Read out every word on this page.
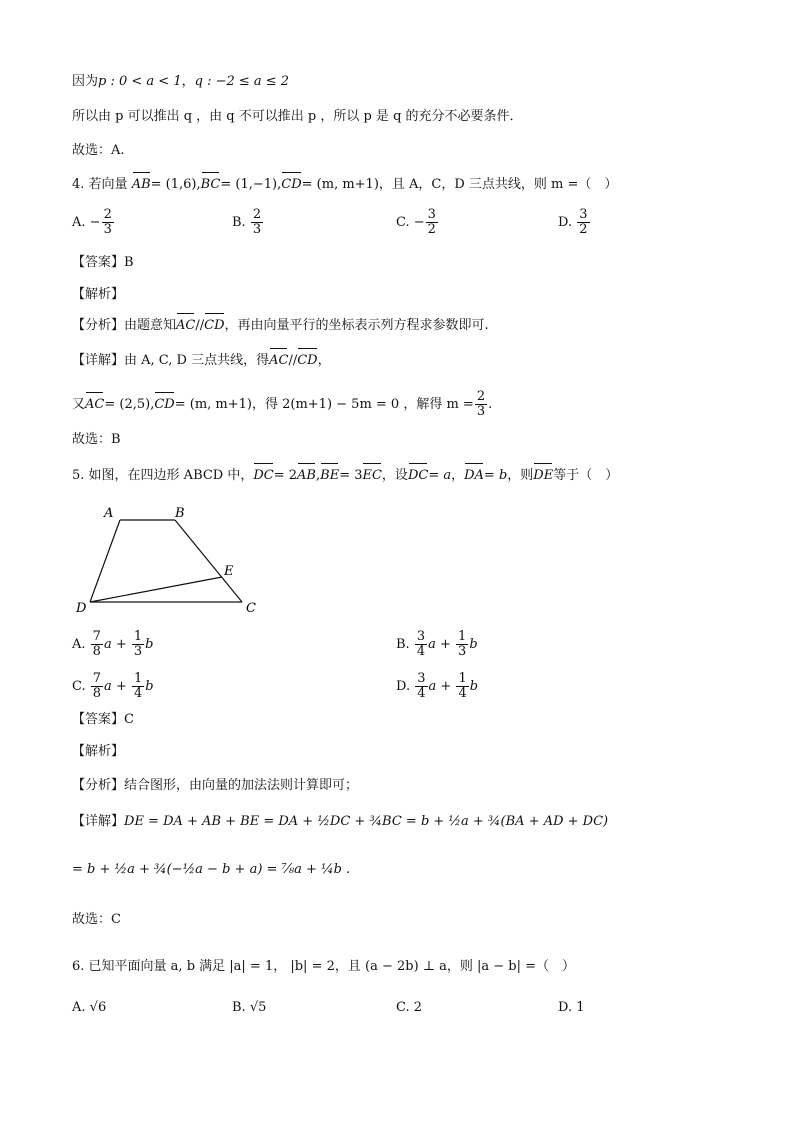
因为p : 0 < a < 1，q : −2 ≤ a ≤ 2
所以由 p 可以推出 q ，由 q 不可以推出 p ，所以 p 是 q 的充分不必要条件．
故选：A.
4. 若向量 AB= (1,6),BC= (1,−1),CD= (m, m+1)，且 A，C，D 三点共线，则 m =（　）
A. − $\frac{2}{3}$	B. $\frac{2}{3}$	C. − $\frac{3}{2}$	D. $\frac{3}{2}$
【答案】B
【解析】
【分析】由题意知AC//CD，再由向量平行的坐标表示列方程求参数即可.
【详解】由 A, C, D 三点共线，得AC//CD，
又AC= (2,5),CD= (m, m+1)，得 2(m+1) − 5m = 0 ，解得 $m = \frac{2}{3}$ .
故选：B
5. 如图，在四边形 ABCD 中，DC= 2AB,BE= 3EC，设DC= a，DA= b，则DE等于（　）
A	B
C
D
E
A. $\frac{7}{8}$ $a + \frac{1}{3}$ b	B. $\frac{3}{4}$ $a + \frac{1}{3}$ b
C. $\frac{7}{8}$ $a + \frac{1}{4}$ b	D. $\frac{3}{4}$ $a + \frac{1}{4}$ b
【答案】C
【解析】
【分析】结合图形，由向量的加法法则计算即可；
【详解】DE = DA + AB + BE = DA + ½DC + ¾BC = b + ½a + ¾(BA + AD + DC)
= b + ½a + ¾(−½a − b + a) = ⅞a + ¼b .
故选：C
6. 已知平面向量 a, b 满足 |a| = 1， |b| = 2，且 (a − 2b) ⊥ a，则 |a − b| =（　）
A. √6	B. √5	C. 2	D. 1
